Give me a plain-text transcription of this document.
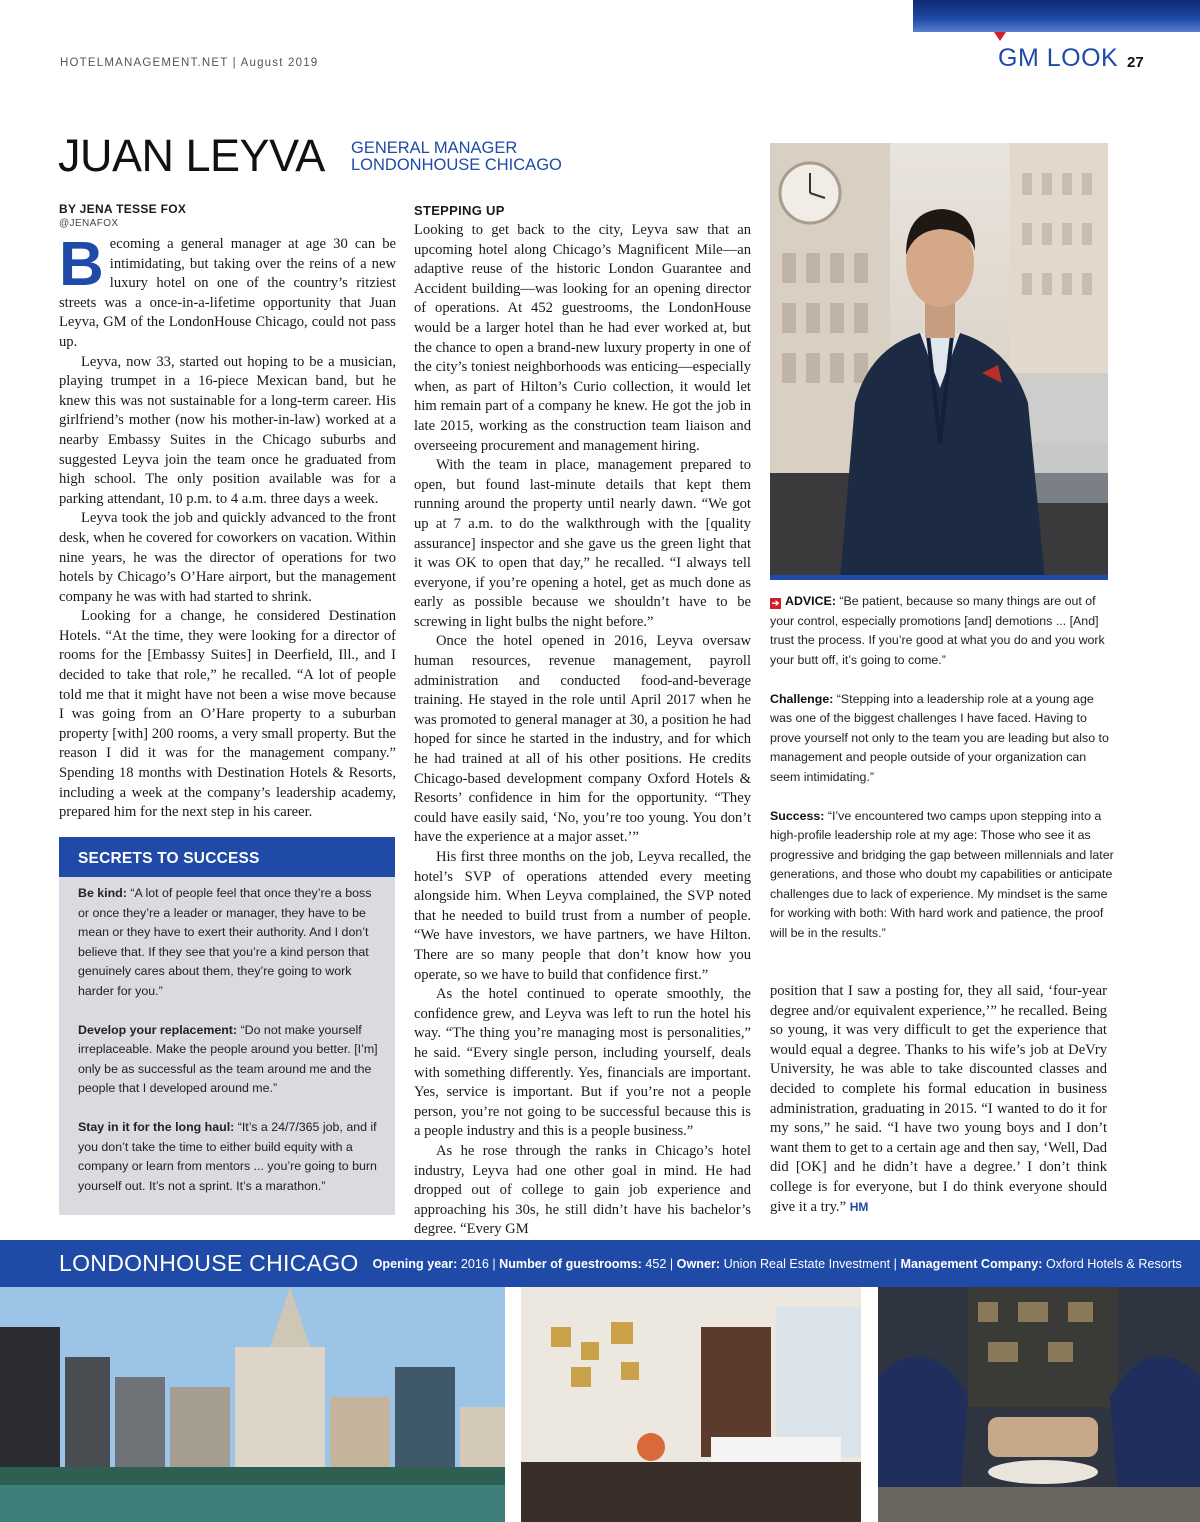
HOTELMANAGEMENT.NET | August 2019	GM LOOK 27
JUAN LEYVA GENERAL MANAGER
LONDONHOUSE CHICAGO
BY JENA TESSE FOX
@JENAFOX

Becoming a general manager at age 30 can be intimidating, but taking over the reins of a new luxury hotel on one of the country’s ritziest streets was a once-in-a-lifetime opportunity that Juan Leyva, GM of the LondonHouse Chicago, could not pass up.

Leyva, now 33, started out hoping to be a musician, playing trumpet in a 16-piece Mexican band, but he knew this was not sustainable for a long-term career. His girlfriend’s mother (now his mother-in-law) worked at a nearby Embassy Suites in the Chicago suburbs and suggested Leyva join the team once he graduated from high school. The only position available was for a parking attendant, 10 p.m. to 4 a.m. three days a week.

Leyva took the job and quickly advanced to the front desk, when he covered for coworkers on vacation. Within nine years, he was the director of operations for two hotels by Chicago’s O’Hare airport, but the management company he was with had started to shrink.

Looking for a change, he considered Destination Hotels. “At the time, they were looking for a director of rooms for the [Embassy Suites] in Deerfield, Ill., and I decided to take that role,” he recalled. “A lot of people told me that it might have not been a wise move because I was going from an O’Hare property to a suburban property [with] 200 rooms, a very small property. But the reason I did it was for the management company.” Spending 18 months with Destination Hotels & Resorts, including a week at the company’s leadership academy, prepared him for the next step in his career.

STEPPING UP

Looking to get back to the city, Leyva saw that an upcoming hotel along Chicago’s Magnificent Mile—an adaptive reuse of the historic London Guarantee and Accident building—was looking for an opening director of operations. At 452 guestrooms, the LondonHouse would be a larger hotel than he had ever worked at, but the chance to open a brand-new luxury property in one of the city’s toniest neighborhoods was enticing—especially when, as part of Hilton’s Curio collection, it would let him remain part of a company he knew. He got the job in late 2015, working as the construction team liaison and overseeing procurement and management hiring.

With the team in place, management prepared to open, but found last-minute details that kept them running around the property until nearly dawn. “We got up at 7 a.m. to do the walkthrough with the [quality assurance] inspector and she gave us the green light that it was OK to open that day,” he recalled. “I always tell everyone, if you’re opening a hotel, get as much done as early as possible because we shouldn’t have to be screwing in light bulbs the night before.”

Once the hotel opened in 2016, Leyva oversaw human resources, revenue management, payroll administration and conducted food-and-beverage training. He stayed in the role until April 2017 when he was promoted to general manager at 30, a position he had hoped for since he started in the industry, and for which he had trained at all of his other positions. He credits Chicago-based development company Oxford Hotels & Resorts’ confidence in him for the opportunity. “They could have easily said, ‘No, you’re too young. You don’t have the experience at a major asset.’”

His first three months on the job, Leyva recalled, the hotel’s SVP of operations attended every meeting alongside him. When Leyva complained, the SVP noted that he needed to build trust from a number of people. “We have investors, we have partners, we have Hilton. There are so many people that don’t know how you operate, so we have to build that confidence first.”

As the hotel continued to operate smoothly, the confidence grew, and Leyva was left to run the hotel his way. “The thing you’re managing most is personalities,” he said. “Every single person, including yourself, deals with something differently. Yes, financials are important. Yes, service is important. But if you’re not a people person, you’re not going to be successful because this is a people industry and this is a people business.”

As he rose through the ranks in Chicago’s hotel industry, Leyva had one other goal in mind. He had dropped out of college to gain job experience and approaching his 30s, he still didn’t have his bachelor’s degree. “Every GM

➔ ADVICE: “Be patient, because so many things are out of your control, especially promotions [and] demotions ... [And] trust the process. If you’re good at what you do and you work your butt off, it’s going to come.”
Challenge: “Stepping into a leadership role at a young age was one of the biggest challenges I have faced. Having to prove yourself not only to the team you are leading but also to management and people outside of your organization can seem intimidating.”
Success: “I’ve encountered two camps upon stepping into a high-profile leadership role at my age: Those who see it as progressive and bridging the gap between millennials and later generations, and those who doubt my capabilities or anticipate challenges due to lack of experience. My mindset is the same for working with both: With hard work and patience, the proof will be in the results.”

position that I saw a posting for, they all said, ‘four-year degree and/or equivalent experience,’” he recalled. Being so young, it was very difficult to get the experience that would equal a degree. Thanks to his wife’s job at DeVry University, he was able to take discounted classes and decided to complete his formal education in business administration, graduating in 2015. “I wanted to do it for my sons,” he said. “I have two young boys and I don’t want them to get to a certain age and then say, ‘Well, Dad did [OK] and he didn’t have a degree.’ I don’t think college is for everyone, but I do think everyone should give it a try.” HM

SECRETS TO SUCCESS
Be kind: “A lot of people feel that once they’re a boss or once they’re a leader or manager, they have to be mean or they have to exert their authority. And I don’t believe that. If they see that you’re a kind person that genuinely cares about them, they’re going to work harder for you.”
Develop your replacement: “Do not make yourself irreplaceable. Make the people around you better. [I’m] only be as successful as the team around me and the people that I developed around me.”
Stay in it for the long haul: “It’s a 24/7/365 job, and if you don’t take the time to either build equity with a company or learn from mentors ... you’re going to burn yourself out. It’s not a sprint. It’s a marathon.”
LONDONHOUSE CHICAGO Opening year: 2016 | Number of guestrooms: 452 | Owner: Union Real Estate Investment | Management Company: Oxford Hotels & Resorts
